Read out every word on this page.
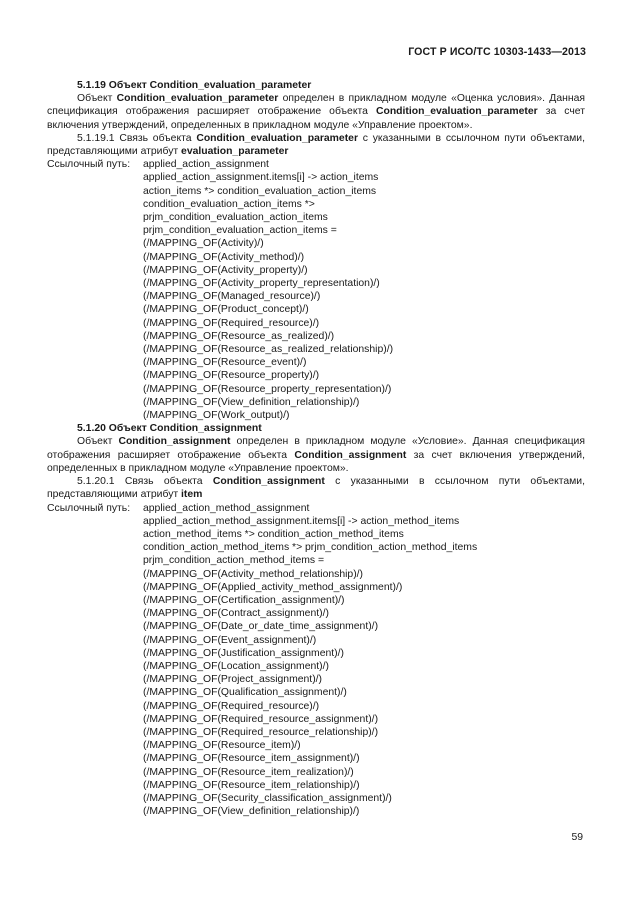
ГОСТ Р ИСО/ТС 10303-1433—2013
5.1.19 Объект Condition_evaluation_parameter
Объект Condition_evaluation_parameter определен в прикладном модуле «Оценка условия». Данная спецификация отображения расширяет отображение объекта Condition_evaluation_parameter за счет включения утверждений, определенных в прикладном модуле «Управление проектом».
5.1.19.1 Связь объекта Condition_evaluation_parameter с указанными в ссылочном пути объектами, представляющими атрибут evaluation_parameter
Ссылочный путь:	applied_action_assignment
applied_action_assignment.items[i] -> action_items
action_items *> condition_evaluation_action_items
condition_evaluation_action_items *>
prjm_condition_evaluation_action_items
prjm_condition_evaluation_action_items =
(/MAPPING_OF(Activity)/)
(/MAPPING_OF(Activity_method)/)
(/MAPPING_OF(Activity_property)/)
(/MAPPING_OF(Activity_property_representation)/)
(/MAPPING_OF(Managed_resource)/)
(/MAPPING_OF(Product_concept)/)
(/MAPPING_OF(Required_resource)/)
(/MAPPING_OF(Resource_as_realized)/)
(/MAPPING_OF(Resource_as_realized_relationship)/)
(/MAPPING_OF(Resource_event)/)
(/MAPPING_OF(Resource_property)/)
(/MAPPING_OF(Resource_property_representation)/)
(/MAPPING_OF(View_definition_relationship)/)
(/MAPPING_OF(Work_output)/)
5.1.20 Объект Condition_assignment
Объект Condition_assignment определен в прикладном модуле «Условие». Данная спецификация отображения расширяет отображение объекта Condition_assignment за счет включения утверждений, определенных в прикладном модуле «Управление проектом».
5.1.20.1 Связь объекта Condition_assignment с указанными в ссылочном пути объектами, представляющими атрибут item
Ссылочный путь:	applied_action_method_assignment
applied_action_method_assignment.items[i] -> action_method_items
action_method_items *> condition_action_method_items
condition_action_method_items *> prjm_condition_action_method_items
prjm_condition_action_method_items =
(/MAPPING_OF(Activity_method_relationship)/)
(/MAPPING_OF(Applied_activity_method_assignment)/)
(/MAPPING_OF(Certification_assignment)/)
(/MAPPING_OF(Contract_assignment)/)
(/MAPPING_OF(Date_or_date_time_assignment)/)
(/MAPPING_OF(Event_assignment)/)
(/MAPPING_OF(Justification_assignment)/)
(/MAPPING_OF(Location_assignment)/)
(/MAPPING_OF(Project_assignment)/)
(/MAPPING_OF(Qualification_assignment)/)
(/MAPPING_OF(Required_resource)/)
(/MAPPING_OF(Required_resource_assignment)/)
(/MAPPING_OF(Required_resource_relationship)/)
(/MAPPING_OF(Resource_item)/)
(/MAPPING_OF(Resource_item_assignment)/)
(/MAPPING_OF(Resource_item_realization)/)
(/MAPPING_OF(Resource_item_relationship)/)
(/MAPPING_OF(Security_classification_assignment)/)
(/MAPPING_OF(View_definition_relationship)/)
59
